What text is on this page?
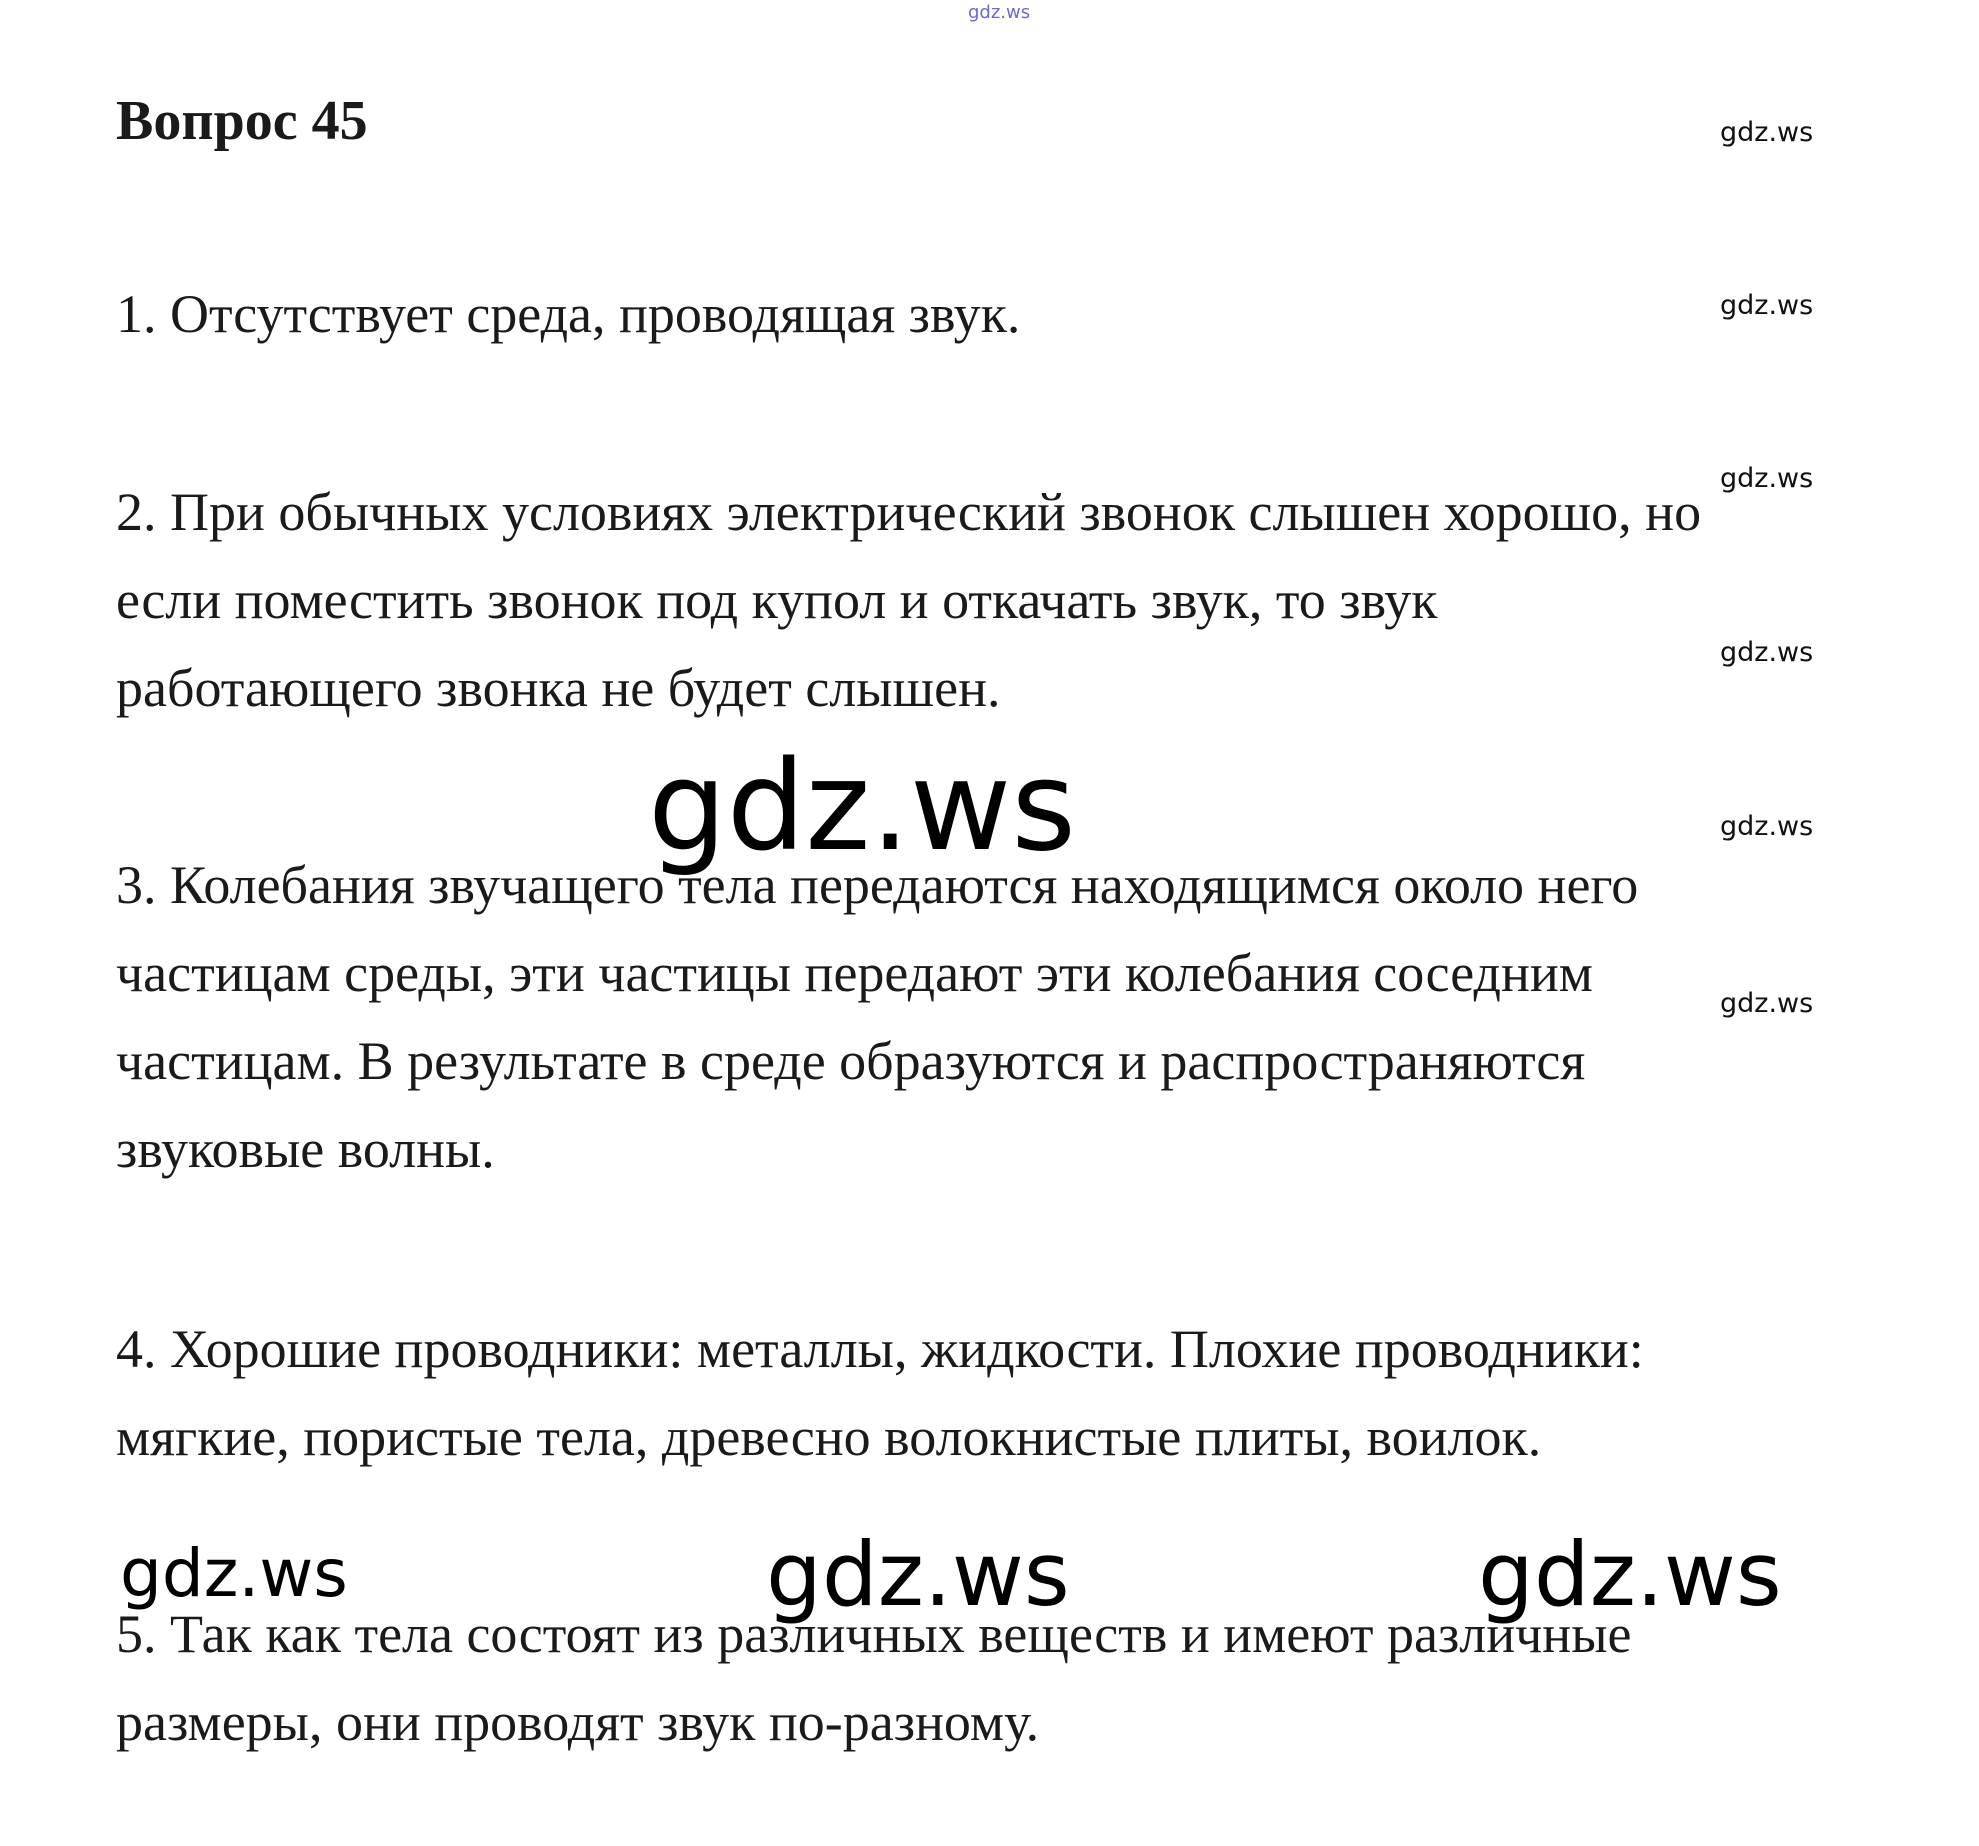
gdz.ws
Вопрос 45

1. Отсутствует среда, проводящая звук.

2. При обычных условиях электрический звонок слышен хорошо, но
если поместить звонок под купол и откачать звук, то звук
работающего звонка не будет слышен.

3. Колебания звучащего тела передаются находящимся около него
частицам среды, эти частицы передают эти колебания соседним
частицам. В результате в среде образуются и распространяются
звуковые волны.

4. Хорошие проводники: металлы, жидкости. Плохие проводники:
мягкие, пористые тела, древесно волокнистые плиты, воилок.

5. Так как тела состоят из различных веществ и имеют различные
размеры, они проводят звук по-разному.

gdz.ws
gdz.ws
gdz.ws
gdz.ws
gdz.ws
gdz.ws
gdz.ws
gdz.ws	gdz.ws	gdz.ws
